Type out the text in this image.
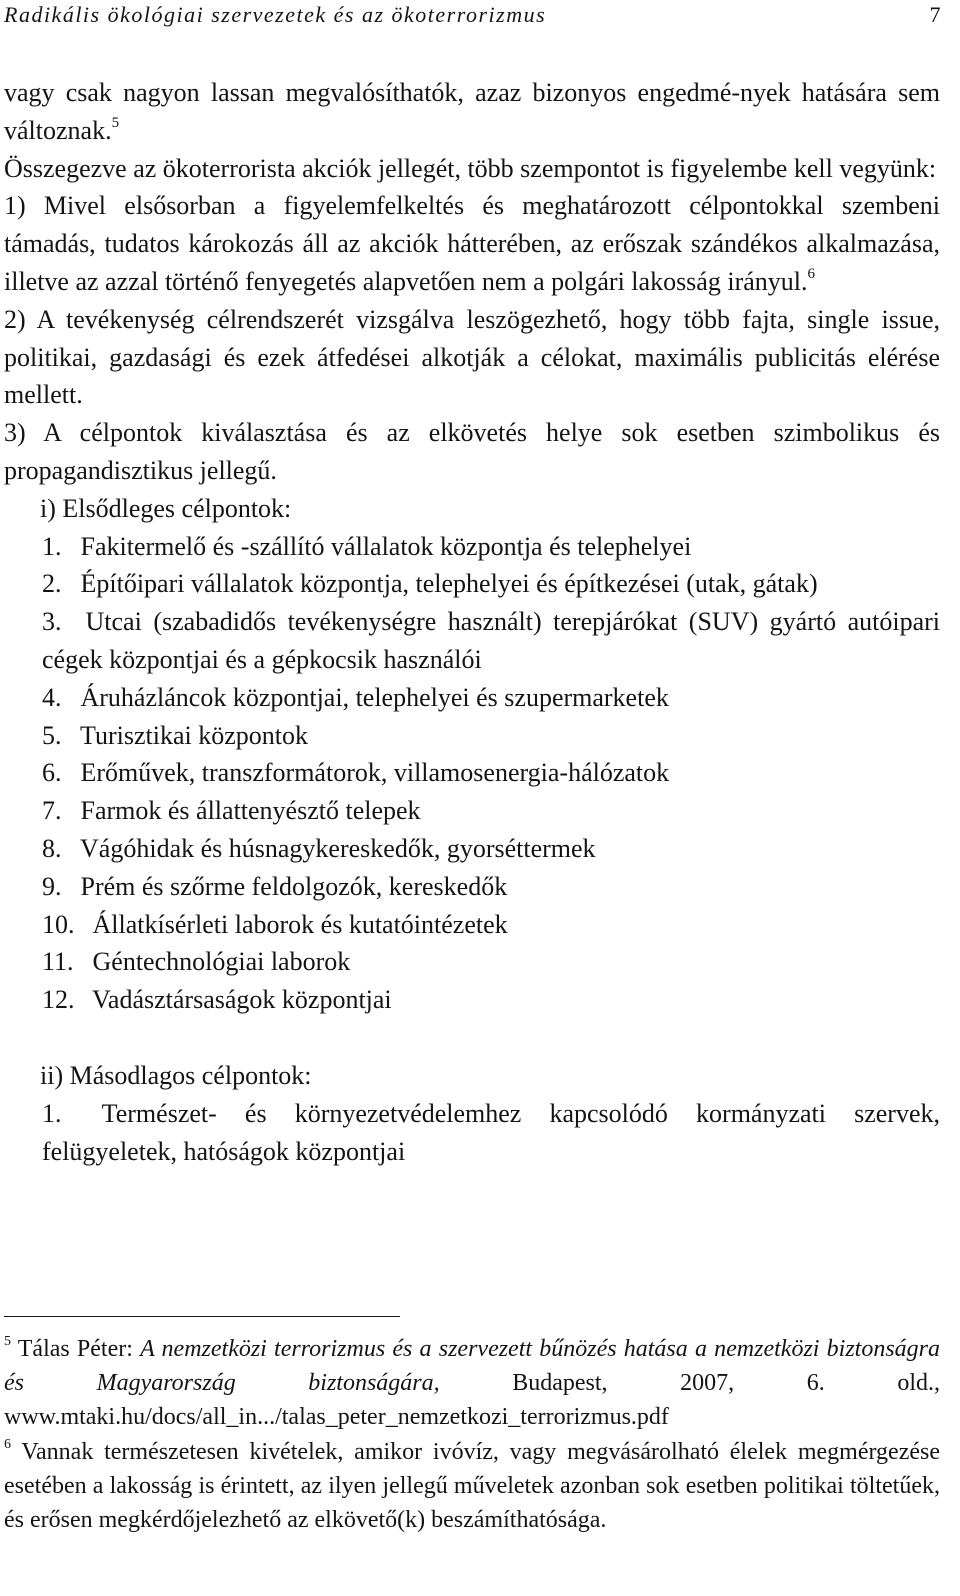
Radikális ökológiai szervezetek és az ökoterrorizmus	7

vagy csak nagyon lassan megvalósíthatók, azaz bizonyos engedmé-nyek hatására sem változnak.$^5$

Összegezve az ökoterrorista akciók jellegét, több szempontot is figyelembe kell vegyünk:

1) Mivel elsősorban a figyelemfelkeltés és meghatározott célpontokkal szembeni támadás, tudatos károkozás áll az akciók hátterében, az erőszak szándékos alkalmazása, illetve az azzal történő fenyegetés alapvetően nem a polgári lakosság irányul.$^6$

2) A tevékenység célrendszerét vizsgálva leszögezhető, hogy több fajta, single issue, politikai, gazdasági és ezek átfedései alkotják a célokat, maximális publicitás elérése mellett.

3) A célpontok kiválasztása és az elkövetés helye sok esetben szimbolikus és propagandisztikus jellegű.

i) Elsődleges célpontok:

1. Fakitermelő és -szállító vállalatok központja és telephelyei
2. Építőipari vállalatok központja, telephelyei és építkezései (utak, gátak)
3. Utcai (szabadidős tevékenységre használt) terepjárókat (SUV) gyártó autóipari cégek központjai és a gépkocsik használói
4. Áruházláncok központjai, telephelyei és szupermarketek
5. Turisztikai központok
6. Erőművek, transzformátorok, villamosenergia-hálózatok
7. Farmok és állattenyésztő telepek
8. Vágóhidak és húsnagykereskedők, gyorséttermek
9. Prém és szőrme feldolgozók, kereskedők
10. Állatkísérleti laborok és kutatóintézetek
11. Géntechnológiai laborok
12. Vadásztársaságok központjai

ii) Másodlagos célpontok:

1. Természet- és környezetvédelemhez kapcsolódó kormányzati szervek, felügyeletek, hatóságok központjai

$^5$ Tálas Péter: A nemzetközi terrorizmus és a szervezett bűnözés hatása a nemzetközi biztonságra és Magyarország biztonságára,	Budapest, 2007, 6. old., www.mtaki.hu/docs/all_in.../talas_peter_nemzetkozi_terrorizmus.pdf

$^6$ Vannak természetesen kivételek, amikor ivóvíz, vagy megvásárolható élelek megmérgezése esetében a lakosság is érintett, az ilyen jellegű műveletek azonban sok esetben politikai töltetűek, és erősen megkérdőjelezhető az elkövető(k) beszámíthatósága.
